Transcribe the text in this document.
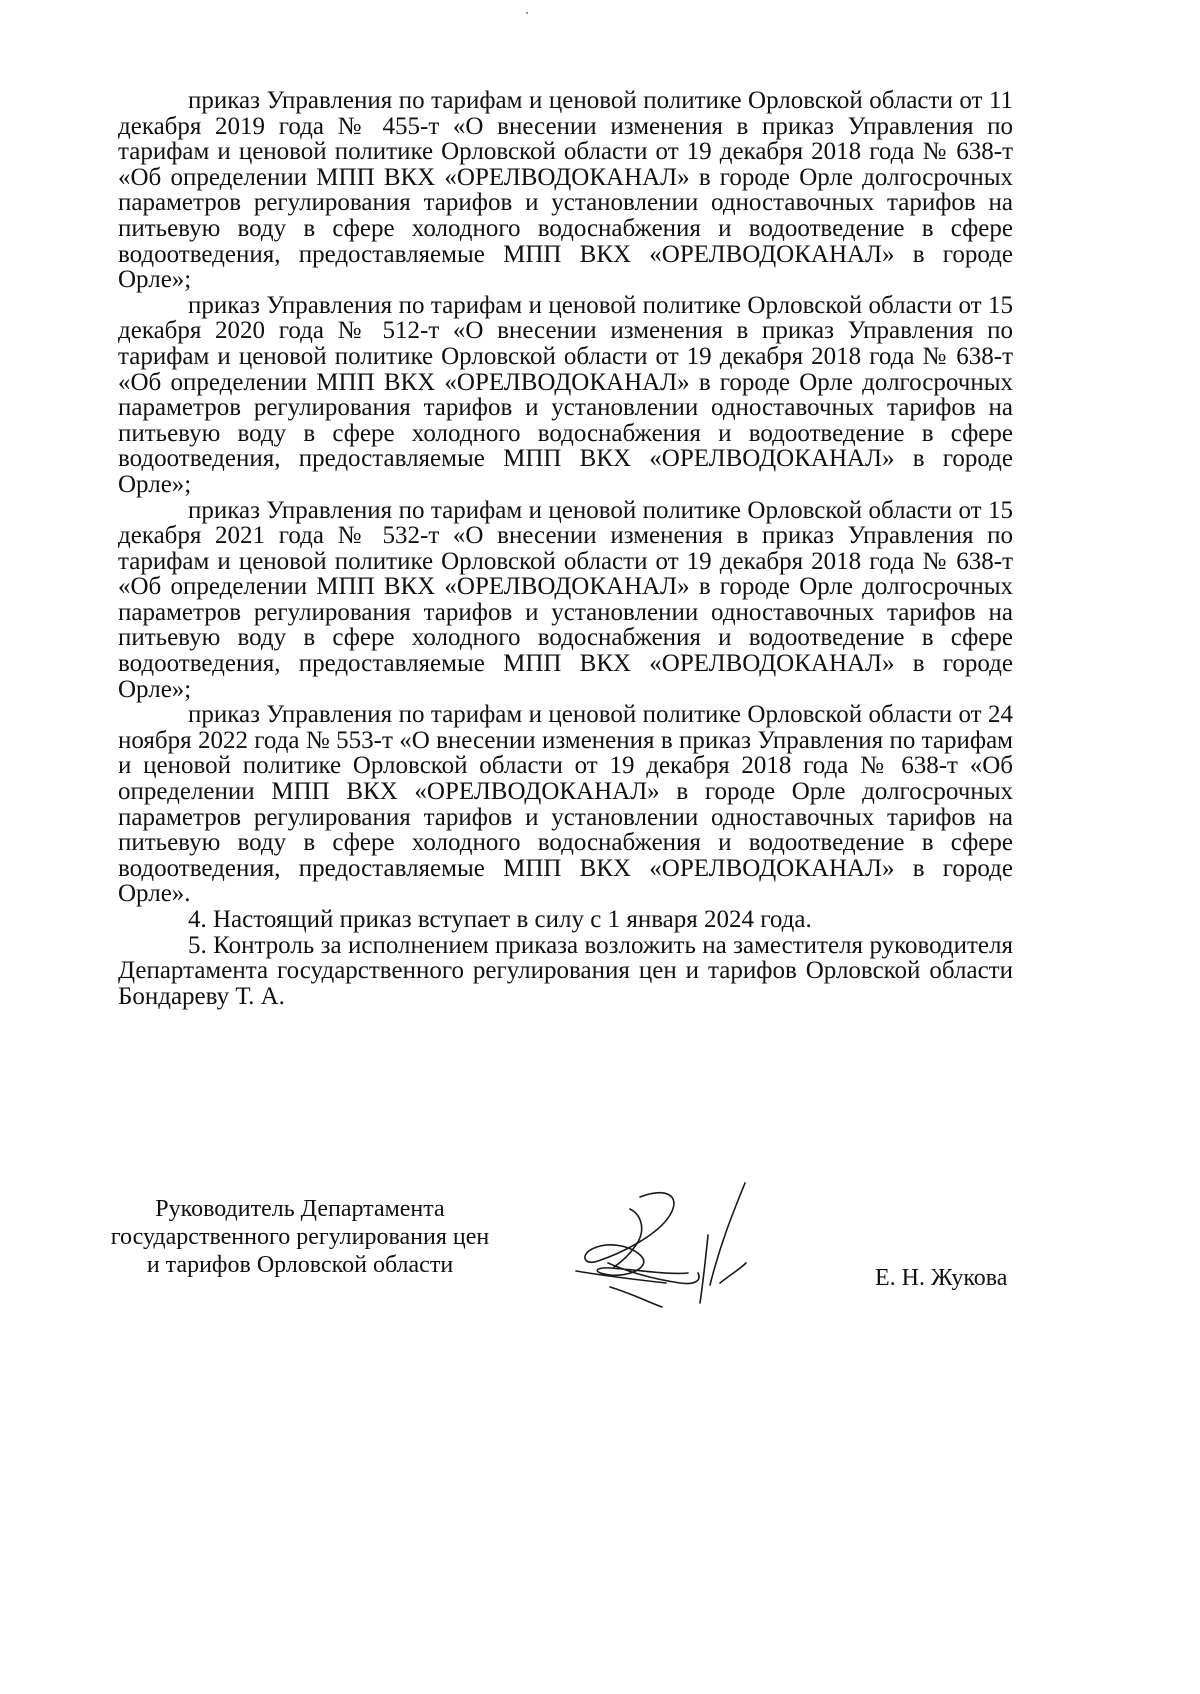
приказ Управления по тарифам и ценовой политике Орловской области от 11 декабря 2019 года № 455-т «О внесении изменения в приказ Управления по тарифам и ценовой политике Орловской области от 19 декабря 2018 года № 638-т «Об определении МПП ВКХ «ОРЕЛВОДОКАНАЛ» в городе Орле долгосрочных параметров регулирования тарифов и установлении одноставочных тарифов на питьевую воду в сфере холодного водоснабжения и водоотведение в сфере водоотведения, предоставляемые МПП ВКХ «ОРЕЛВОДОКАНАЛ» в городе Орле»;

приказ Управления по тарифам и ценовой политике Орловской области от 15 декабря 2020 года № 512-т «О внесении изменения в приказ Управления по тарифам и ценовой политике Орловской области от 19 декабря 2018 года № 638-т «Об определении МПП ВКХ «ОРЕЛВОДОКАНАЛ» в городе Орле долгосрочных параметров регулирования тарифов и установлении одноставочных тарифов на питьевую воду в сфере холодного водоснабжения и водоотведение в сфере водоотведения, предоставляемые МПП ВКХ «ОРЕЛВОДОКАНАЛ» в городе Орле»;

приказ Управления по тарифам и ценовой политике Орловской области от 15 декабря 2021 года № 532-т «О внесении изменения в приказ Управления по тарифам и ценовой политике Орловской области от 19 декабря 2018 года № 638-т «Об определении МПП ВКХ «ОРЕЛВОДОКАНАЛ» в городе Орле долгосрочных параметров регулирования тарифов и установлении одноставочных тарифов на питьевую воду в сфере холодного водоснабжения и водоотведение в сфере водоотведения, предоставляемые МПП ВКХ «ОРЕЛВОДОКАНАЛ» в городе Орле»;

приказ Управления по тарифам и ценовой политике Орловской области от 24 ноября 2022 года № 553-т «О внесении изменения в приказ Управления по тарифам и ценовой политике Орловской области от 19 декабря 2018 года № 638-т «Об определении МПП ВКХ «ОРЕЛВОДОКАНАЛ» в городе Орле долгосрочных параметров регулирования тарифов и установлении одноставочных тарифов на питьевую воду в сфере холодного водоснабжения и водоотведение в сфере водоотведения, предоставляемые МПП ВКХ «ОРЕЛВОДОКАНАЛ» в городе Орле».

4. Настоящий приказ вступает в силу с 1 января 2024 года.

5. Контроль за исполнением приказа возложить на заместителя руководителя Департамента государственного регулирования цен и тарифов Орловской области Бондареву Т. А.

Руководитель Департамента
государственного регулирования цен
и тарифов Орловской области	Е. Н. Жукова
